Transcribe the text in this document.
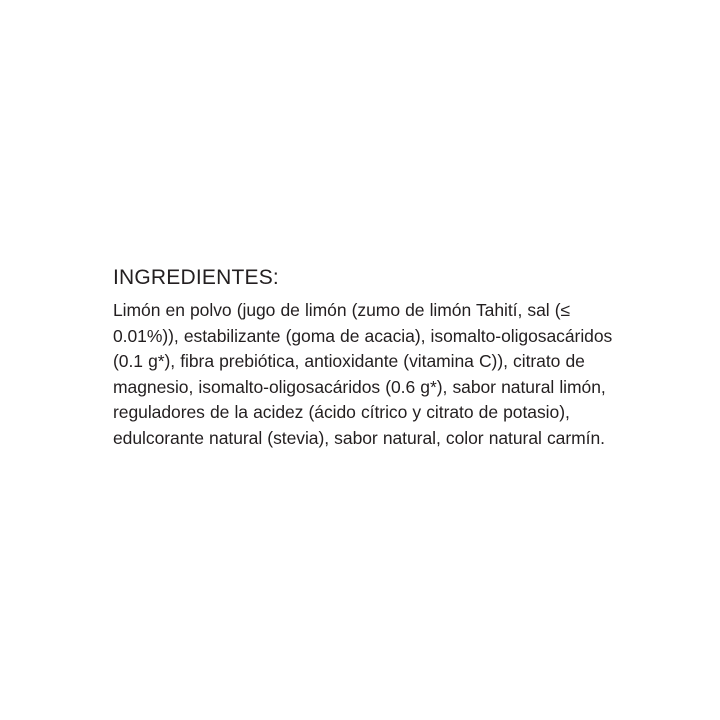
INGREDIENTES:

Limón en polvo (jugo de limón (zumo de limón Tahití, sal (≤ 0.01%)), estabilizante (goma de acacia), isomalto-oligosacáridos (0.1 g*), fibra prebiótica, antioxidante (vitamina C)), citrato de magnesio, isomalto-oligosacáridos (0.6 g*), sabor natural limón, reguladores de la acidez (ácido cítrico y citrato de potasio), edulcorante natural (stevia), sabor natural, color natural carmín.
